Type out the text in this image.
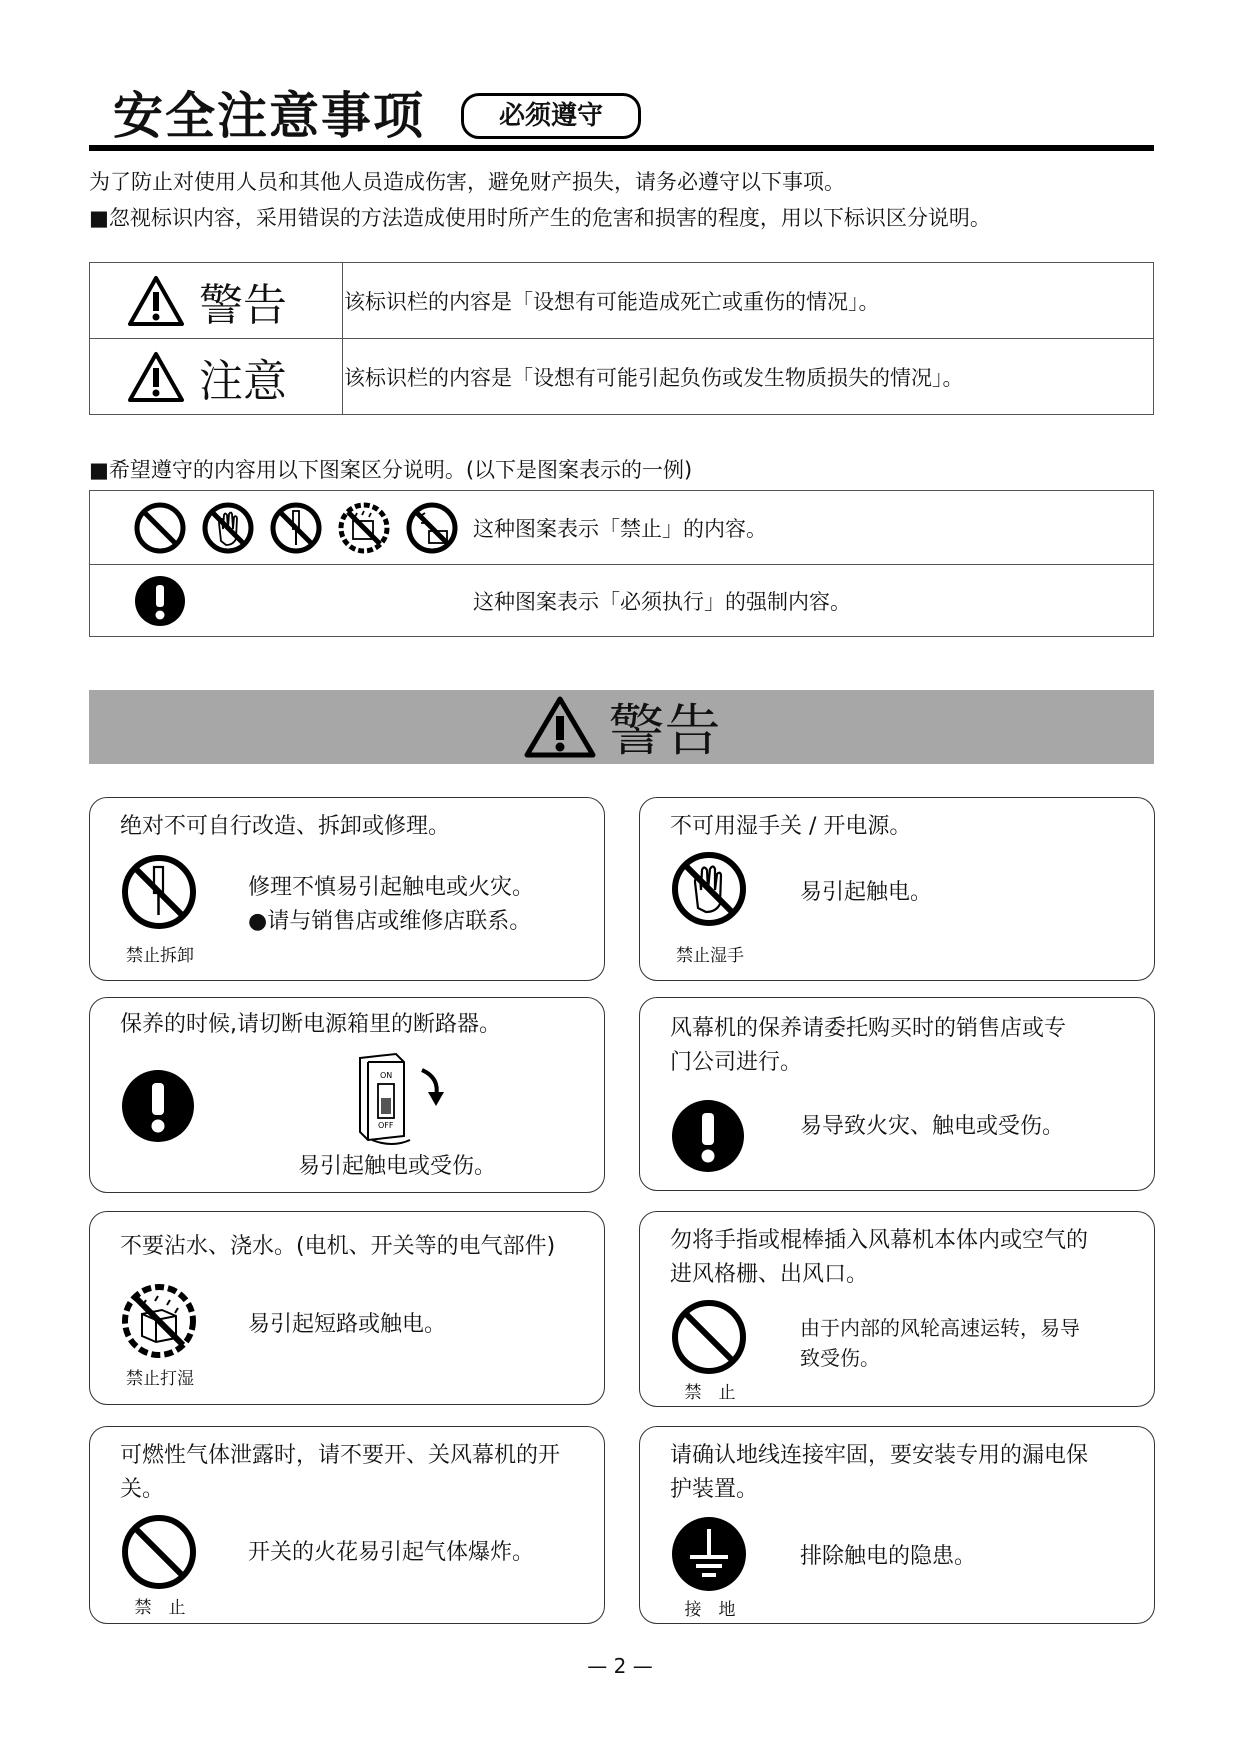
安全注意事项	必须遵守
为了防止对使用人员和其他人员造成伤害，避免财产损失，请务必遵守以下事项。
■忽视标识内容，采用错误的方法造成使用时所产生的危害和损害的程度，用以下标识区分说明。
警告	该标识栏的内容是「设想有可能造成死亡或重伤的情况」。

注意	该标识栏的内容是「设想有可能引起负伤或发生物质损失的情况」。
■希望遵守的内容用以下图案区分说明。(以下是图案表示的一例)
	这种图案表示「禁止」的内容。

	这种图案表示「必须执行」的强制内容。
警告
绝对不可自行改造、拆卸或修理。
禁止拆卸
修理不慎易引起触电或火灾。
●请与销售店或维修店联系。
不可用湿手关 / 开电源。
禁止湿手
易引起触电。
保养的时候,请切断电源箱里的断路器。
ON
OFF
易引起触电或受伤。
风幕机的保养请委托购买时的销售店或专
门公司进行。
易导致火灾、触电或受伤。
不要沾水、浇水。(电机、开关等的电气部件)
禁止打湿
易引起短路或触电。
勿将手指或棍棒插入风幕机本体内或空气的
进风格栅、出风口。
禁　止
由于内部的风轮高速运转，易导
致受伤。
可燃性气体泄露时，请不要开、关风幕机的开
关。
禁　止
开关的火花易引起气体爆炸。
请确认地线连接牢固，要安装专用的漏电保
护装置。
接　地
排除触电的隐患。
— 2 —
